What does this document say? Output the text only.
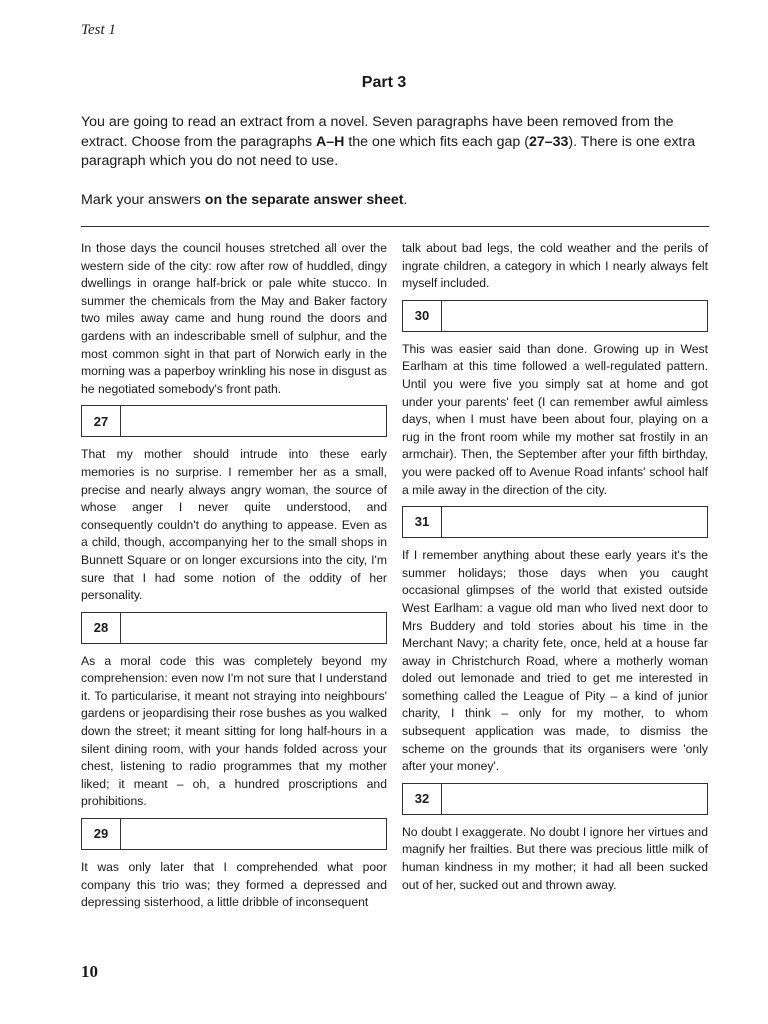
Test 1
Part 3

You are going to read an extract from a novel. Seven paragraphs have been removed from the extract. Choose from the paragraphs A–H the one which fits each gap (27–33). There is one extra paragraph which you do not need to use.

Mark your answers on the separate answer sheet.

In those days the council houses stretched all over the western side of the city: row after row of huddled, dingy dwellings in orange half-brick or pale white stucco. In summer the chemicals from the May and Baker factory two miles away came and hung round the doors and gardens with an indescribable smell of sulphur, and the most common sight in that part of Norwich early in the morning was a paperboy wrinkling his nose in disgust as he negotiated somebody's front path.

27

That my mother should intrude into these early memories is no surprise. I remember her as a small, precise and nearly always angry woman, the source of whose anger I never quite understood, and consequently couldn't do anything to appease. Even as a child, though, accompanying her to the small shops in Bunnett Square or on longer excursions into the city, I'm sure that I had some notion of the oddity of her personality.

28

As a moral code this was completely beyond my comprehension: even now I'm not sure that I understand it. To particularise, it meant not straying into neighbours' gardens or jeopardising their rose bushes as you walked down the street; it meant sitting for long half-hours in a silent dining room, with your hands folded across your chest, listening to radio programmes that my mother liked; it meant – oh, a hundred proscriptions and prohibitions.

29

It was only later that I comprehended what poor company this trio was; they formed a depressed and depressing sisterhood, a little dribble of inconsequent

talk about bad legs, the cold weather and the perils of ingrate children, a category in which I nearly always felt myself included.

30

This was easier said than done. Growing up in West Earlham at this time followed a well-regulated pattern. Until you were five you simply sat at home and got under your parents' feet (I can remember awful aimless days, when I must have been about four, playing on a rug in the front room while my mother sat frostily in an armchair). Then, the September after your fifth birthday, you were packed off to Avenue Road infants' school half a mile away in the direction of the city.

31

If I remember anything about these early years it's the summer holidays; those days when you caught occasional glimpses of the world that existed outside West Earlham: a vague old man who lived next door to Mrs Buddery and told stories about his time in the Merchant Navy; a charity fete, once, held at a house far away in Christchurch Road, where a motherly woman doled out lemonade and tried to get me interested in something called the League of Pity – a kind of junior charity, I think – only for my mother, to whom subsequent application was made, to dismiss the scheme on the grounds that its organisers were 'only after your money'.

32

No doubt I exaggerate. No doubt I ignore her virtues and magnify her frailties. But there was precious little milk of human kindness in my mother; it had all been sucked out of her, sucked out and thrown away.

10
